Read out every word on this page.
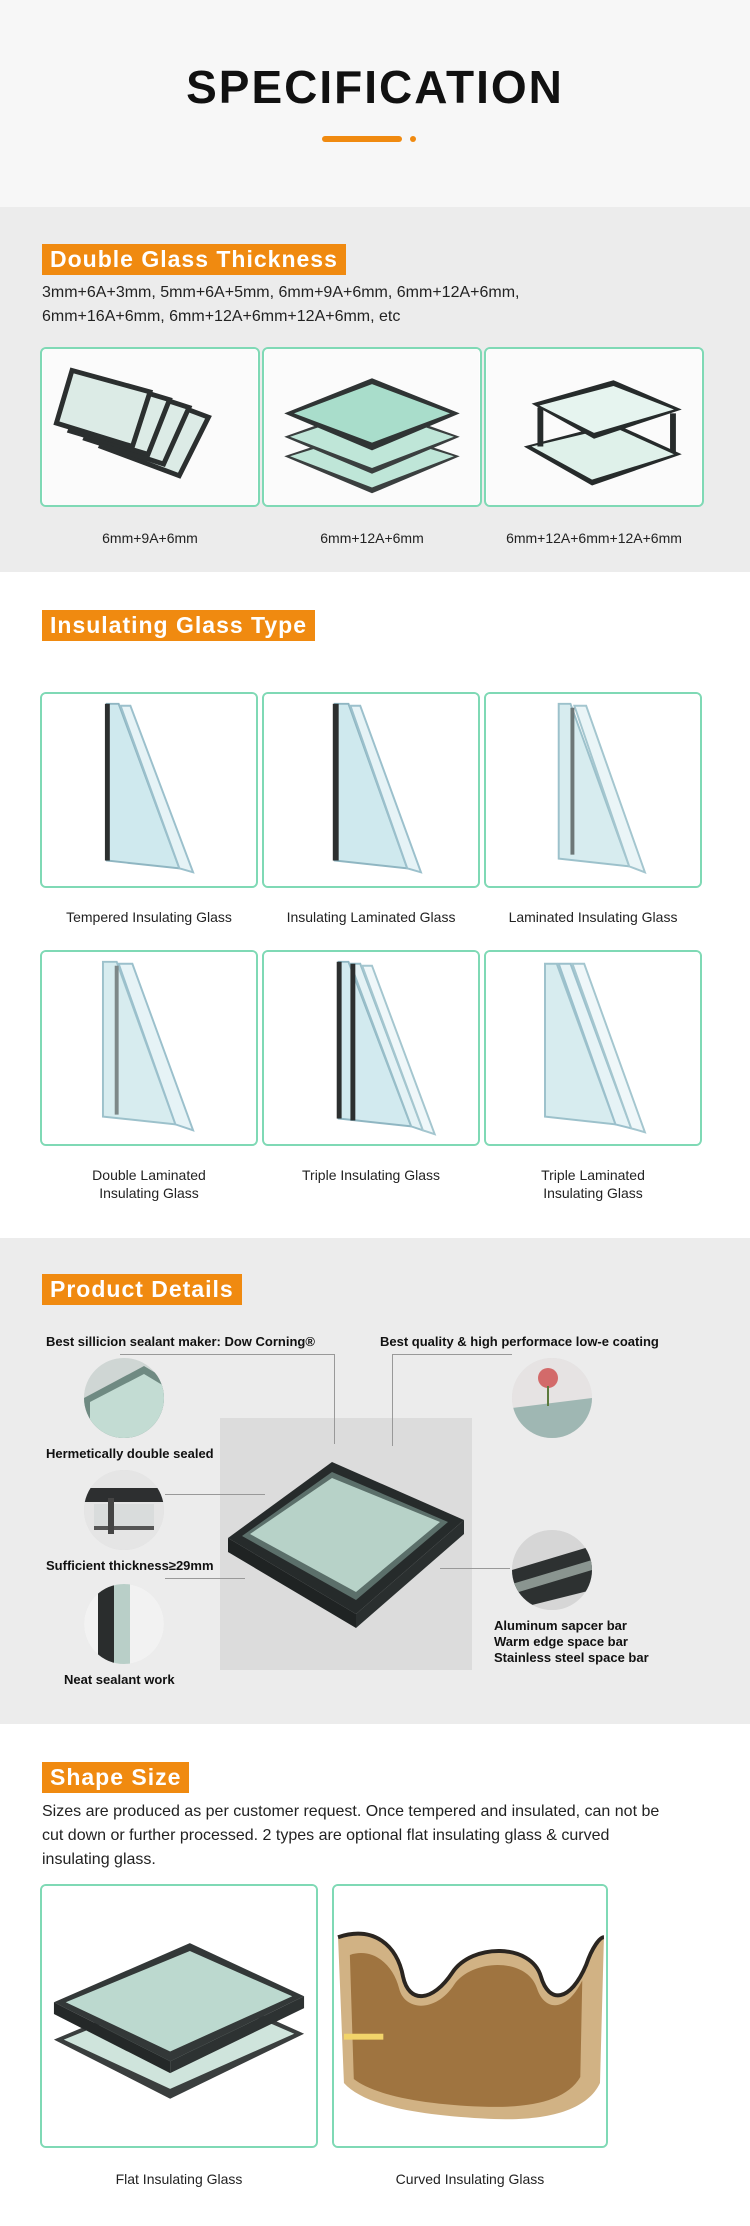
SPECIFICATION
Double Glass Thickness
3mm+6A+3mm, 5mm+6A+5mm, 6mm+9A+6mm, 6mm+12A+6mm,
6mm+16A+6mm, 6mm+12A+6mm+12A+6mm, etc
6mm+9A+6mm	6mm+12A+6mm	6mm+12A+6mm+12A+6mm
Insulating Glass Type
Tempered Insulating Glass	Insulating Laminated Glass	Laminated Insulating Glass
Double Laminated
Insulating Glass
Triple Insulating Glass	Triple Laminated
Insulating Glass
Product Details
Best sillicion sealant maker: Dow Corning®	Best quality & high performace low-e coating
Hermetically double sealed
Sufficient thickness≥29mm
Neat sealant work
Aluminum sapcer bar
Warm edge space bar
Stainless steel space bar
Shape Size
Sizes are produced as per customer request. Once tempered and insulated, can not be
cut down or further processed. 2 types are optional flat insulating glass & curved
insulating glass.
Flat Insulating Glass	Curved Insulating Glass
